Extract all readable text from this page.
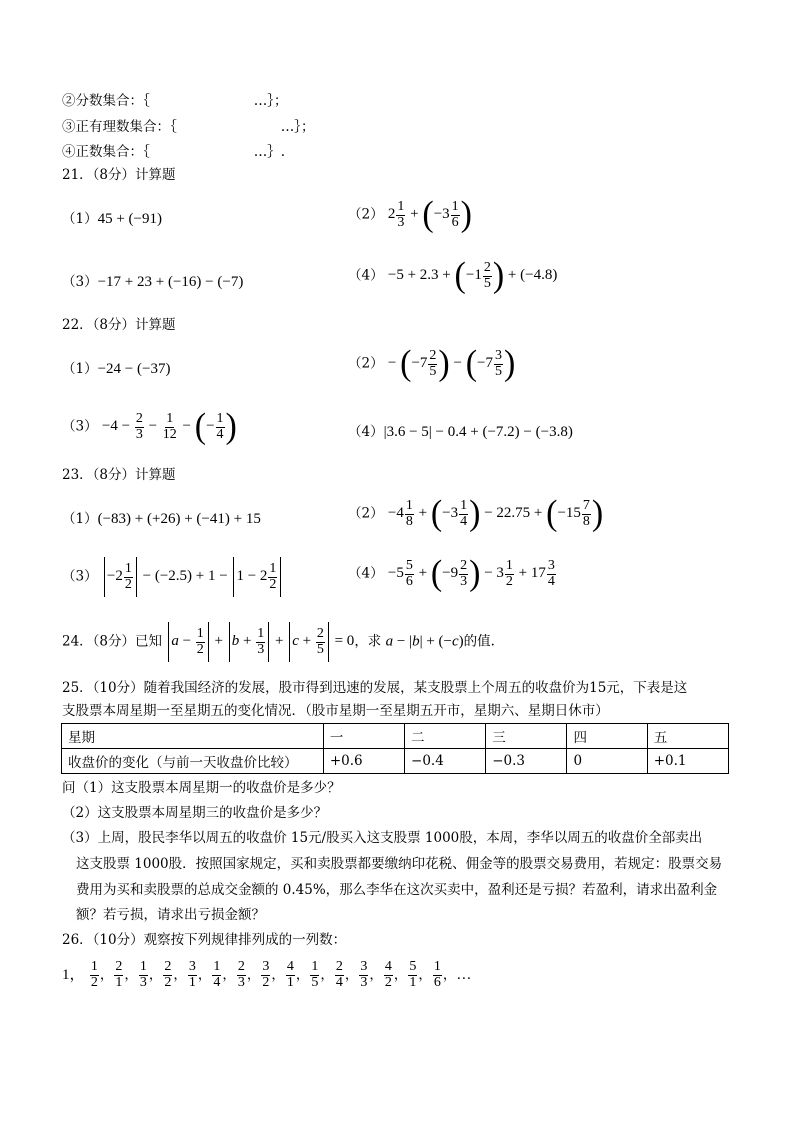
②分数集合：｛	…｝；
③正有理数集合：｛	…｝；
④正数集合：｛	…｝.
21．（8分）计算题
（1）45 + (−91)	（2） $2 \frac{1}{3} + (-3 \frac{1}{6}$ )
（3）−17 + 23 + (−16) − (−7)	$(4) -5 + 2.3 + (-1 \frac{2}{5}$ ) + (−4.8)
22．（8分）计算题
（1）−24 − (−37)	$(2) - (-7 \frac{2}{5}$ ) − ($-7 \frac{3}{5}$ )
$(3) -4 - \frac{2}{3} - \frac{1}{12}$ − (− $\frac{1}{4}$ )	（4）|3.6 − 5| − 0.4 + (−7.2) − (−3.8)
23．（8分）计算题
（1）(−83) + (+26) + (−41) + 15	$(2) -4 \frac{1}{8} + (-3 \frac{1}{4}$ ) − $22.75 + (-15 \frac{7}{8}$ )
$(3) -2 \frac{1}{2} - (-2.5) + 1 - 1 - 2 \frac{1}{2}$	$(4) -5 \frac{5}{6} + (-9 \frac{2}{3}$ ) − $3 \frac{1}{2} + 17 \frac{3}{4}$
24．（8分）已知 $a - \frac{1}{2} + b + \frac{1}{3} + c + \frac{2}{5} = 0$，求 a − |b| + (−c)的值.
25．（10分）随着我国经济的发展，股市得到迅速的发展，某支股票上个周五的收盘价为15元，下表是这
支股票本周星期一至星期五的变化情况．（股市星期一至星期五开市，星期六、星期日休市）
星期	一	二	三	四	五
收盘价的变化（与前一天收盘价比较）	+0.6	−0.4	−0.3	0	+0.1
问（1）这支股票本周星期一的收盘价是多少？
（2）这支股票本周星期三的收盘价是多少？
（3）上周，股民李华以周五的收盘价 15元/股买入这支股票 1000股，本周，李华以周五的收盘价全部卖出
这支股票 1000股．按照国家规定，买和卖股票都要缴纳印花税、佣金等的股票交易费用，若规定：股票交易
费用为买和卖股票的总成交金额的 0.45%，那么李华在这次买卖中，盈利还是亏损？若盈利，请求出盈利金
额？若亏损，请求出亏损金额？
26．（10分）观察按下列规律排列成的一列数：
1， $\frac{1}{2}$ ， $\frac{2}{1}$ ， $\frac{1}{3}$ ， $\frac{2}{2}$ ， $\frac{3}{1}$ ， $\frac{1}{4}$ ， $\frac{2}{3}$ ， $\frac{3}{2}$ ， $\frac{4}{1}$ ， $\frac{1}{5}$ ， $\frac{2}{4}$ ， $\frac{3}{3}$ ， $\frac{4}{2}$ ， $\frac{5}{1}$ ， $\frac{1}{6}$ ，…
